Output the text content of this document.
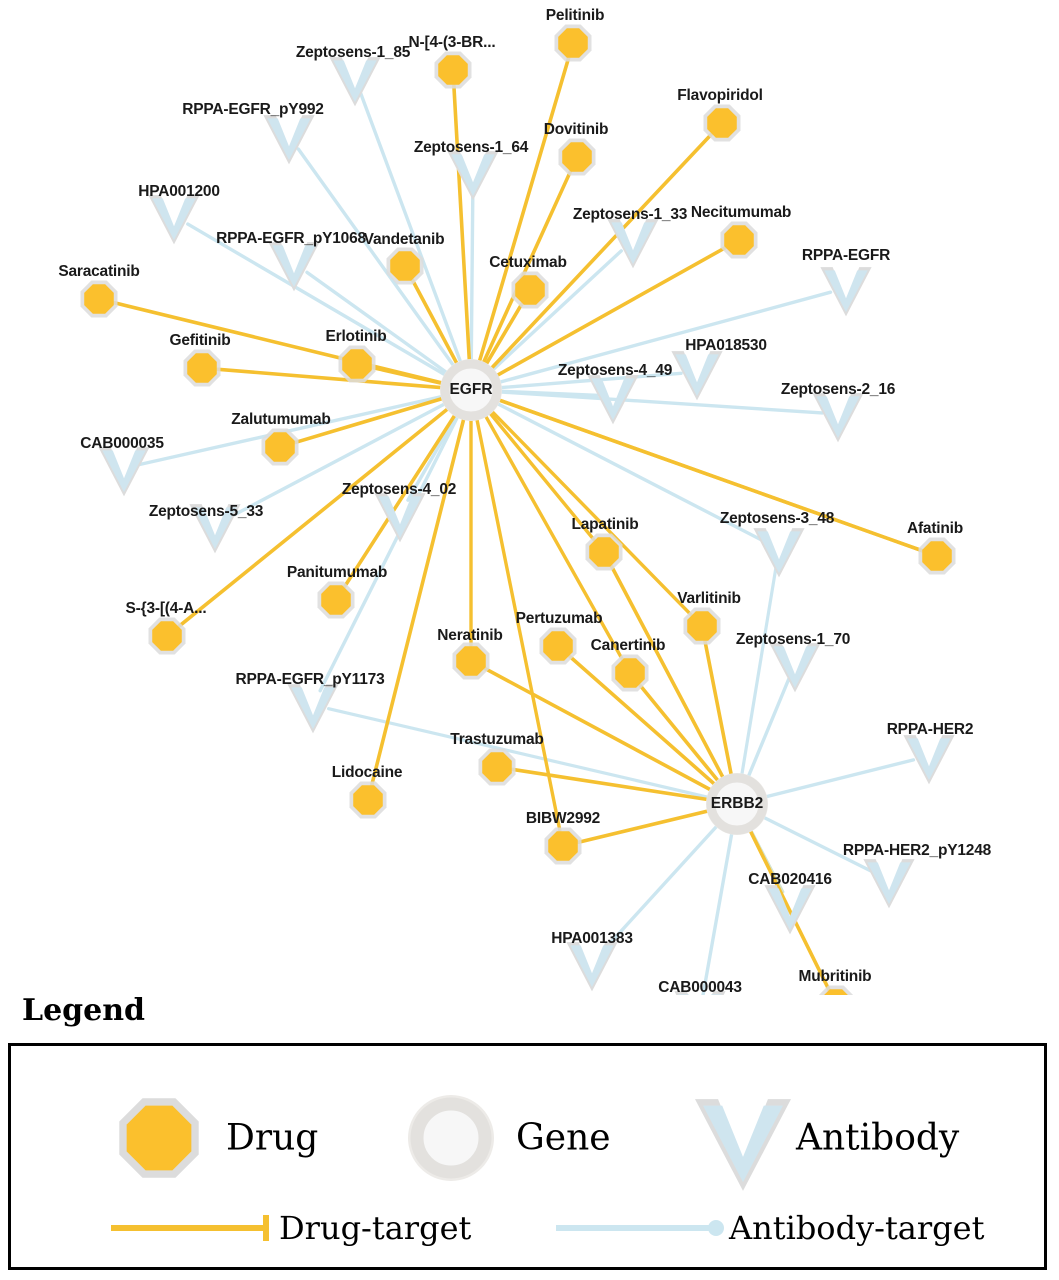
Zeptosens-1_85
RPPA-EGFR_pY992
Zeptosens-1_64
HPA001200
Zeptosens-1_33
RPPA-EGFR_pY1068
RPPA-EGFR
HPA018530
Zeptosens-4_49
Zeptosens-2_16
CAB000035
Zeptosens-5_33
Zeptosens-4_02
Zeptosens-3_48
Zeptosens-1_70
RPPA-EGFR_pY1173
RPPA-HER2
RPPA-HER2_pY1248
CAB020416
HPA001383
CAB000043
Pelitinib
N-[4-(3-BR...
Flavopiridol
Dovitinib
Necitumumab
Vandetanib
Cetuximab
Saracatinib
Gefitinib	Erlotinib
Zalutumumab
Afatinib
Lapatinib
Varlitinib
Panitumumab
S-{3-[(4-A...
Pertuzumab
Neratinib
Canertinib
Trastuzumab
Lidocaine
BIBW2992
Mubritinib
EGFR
ERBB2
Legend
Drug	Gene	Antibody
Drug-target	Antibody-target
